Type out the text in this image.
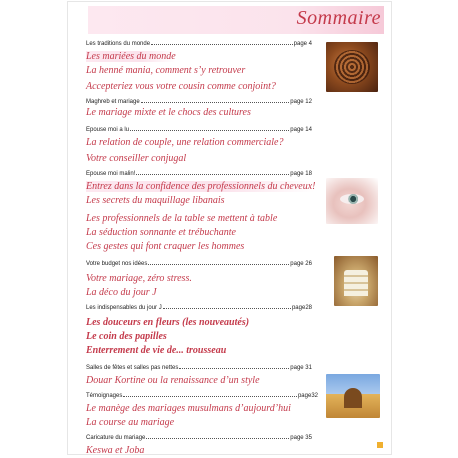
Sommaire
Les traditions du monde	page 4
Les mariées du monde
La henné mania, comment s’y retrouver
Accepteriez vous votre cousin comme conjoint?
Maghreb et mariage	page 12
Le mariage mixte et le chocs des cultures
Epouse moi a lu	page 14
La relation de couple, une relation commerciale?
Votre conseiller conjugal
Epouse moi malin!	page 18
Entrez dans la confidence des professionnels du cheveux!
Les secrets du maquillage libanais
Les professionnels de la table se mettent à table
La séduction sonnante et trébuchante
Ces gestes qui font craquer les hommes
Votre budget nos idées	page 26
Votre mariage, zéro stress.
La déco du jour J
Les indispensables du jour J	page28
Les douceurs en fleurs (les nouveautés)
Le coin des papilles
Enterrement de vie de... trousseau
Salles de fêtes et salles pas nettes	page 31
Douar Kortine ou la renaissance d’un style
Témoignages	page32
Le manège des mariages musulmans d’aujourd’hui
La course au mariage
Caricature du mariage	page 35
Keswa et Joba
